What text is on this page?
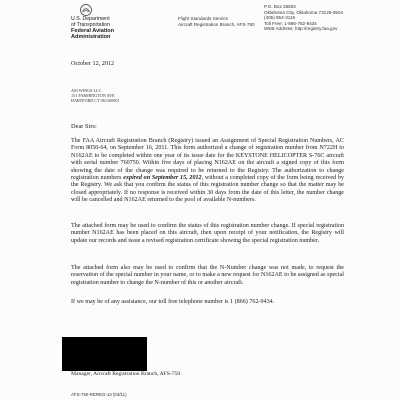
U.S. Department
of Transportation
Federal Aviation
Administration
Flight Standards Service
Aircraft Registration Branch, AFS-750
P.O. Box 25504
Oklahoma City, Oklahoma 73125-0504
(405) 954-3116
Toll Free: 1-866-762-9434
WEB Address: http://registry.faa.gov
October 12, 2012
ASI WINGS LLC
151 FARMINGTON AVE
HARTFORD CT 061560001
Dear Sirs:

The FAA Aircraft Registration Branch (Registry) issued an Assignment of Special Registration Numbers, AC Form 8050-64, on September 16, 2011. This form authorized a change of registration number from N722H to N162AE to be completed within one year of its issue date for the KEYSTONE HELICOPTER S-76C aircraft with serial number 760750. Within five days of placing N162AE on the aircraft a signed copy of this form showing the date of the change was required to be returned to the Registry. The authorization to change registration numbers expired on September 15, 2012, without a completed copy of the form being received by the Registry. We ask that you confirm the status of this registration number change so that the matter may be closed appropriately. If no response is received within 30 days from the date of this letter, the number change will be cancelled and N162AE returned to the pool of available N-numbers.

The attached form may be used to confirm the status of this registration number change. If special registration number N162AE has been placed on this aircraft, then upon receipt of your notification, the Registry will update our records and issue a revised registration certificate showing the special registration number.

The attached form also may be used to confirm that the N-Number change was not made, to request the reservation of the special number in your name, or to make a new request for N162AE to be assigned as special registration number to change the N-number of this or another aircraft.

If we may be of any assistance, our toll free telephone number is 1 (866) 762-9434.

Manager, Aircraft Registration Branch, AFS-750
AFS-750-REREG-13 (03/11)
